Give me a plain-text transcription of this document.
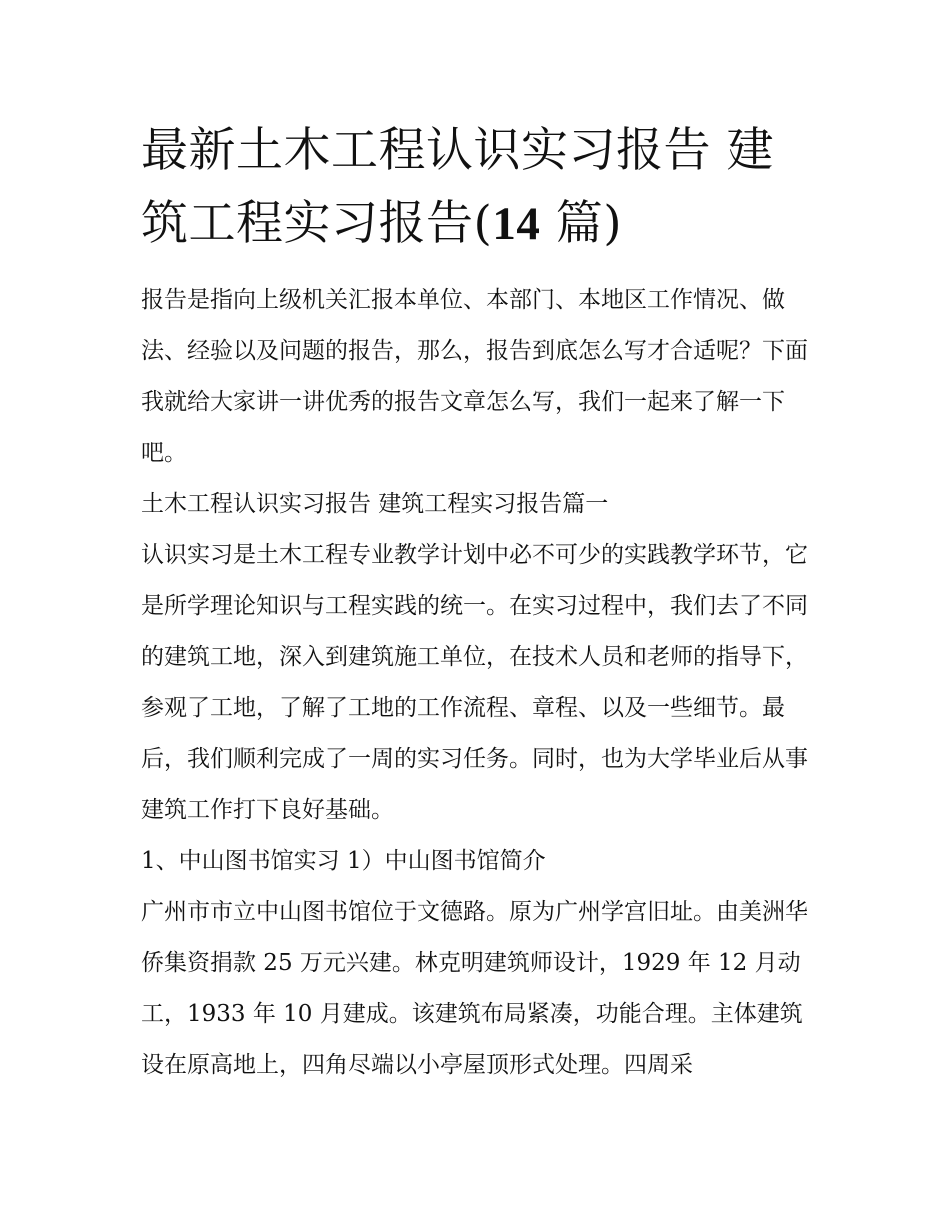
最新土木工程认识实习报告 建筑工程实习报告(14 篇)

报告是指向上级机关汇报本单位、本部门、本地区工作情况、做法、经验以及问题的报告，那么，报告到底怎么写才合适呢？下面我就给大家讲一讲优秀的报告文章怎么写，我们一起来了解一下吧。

土木工程认识实习报告 建筑工程实习报告篇一

认识实习是土木工程专业教学计划中必不可少的实践教学环节，它是所学理论知识与工程实践的统一。在实习过程中，我们去了不同的建筑工地，深入到建筑施工单位，在技术人员和老师的指导下，参观了工地，了解了工地的工作流程、章程、以及一些细节。最后，我们顺利完成了一周的实习任务。同时，也为大学毕业后从事建筑工作打下良好基础。

1、中山图书馆实习 1）中山图书馆简介

广州市市立中山图书馆位于文德路。原为广州学宫旧址。由美洲华侨集资捐款 25 万元兴建。林克明建筑师设计，1929 年 12 月动工，1933 年 10 月建成。该建筑布局紧凑，功能合理。主体建筑设在原高地上，四角尽端以小亭屋顶形式处理。四周采
